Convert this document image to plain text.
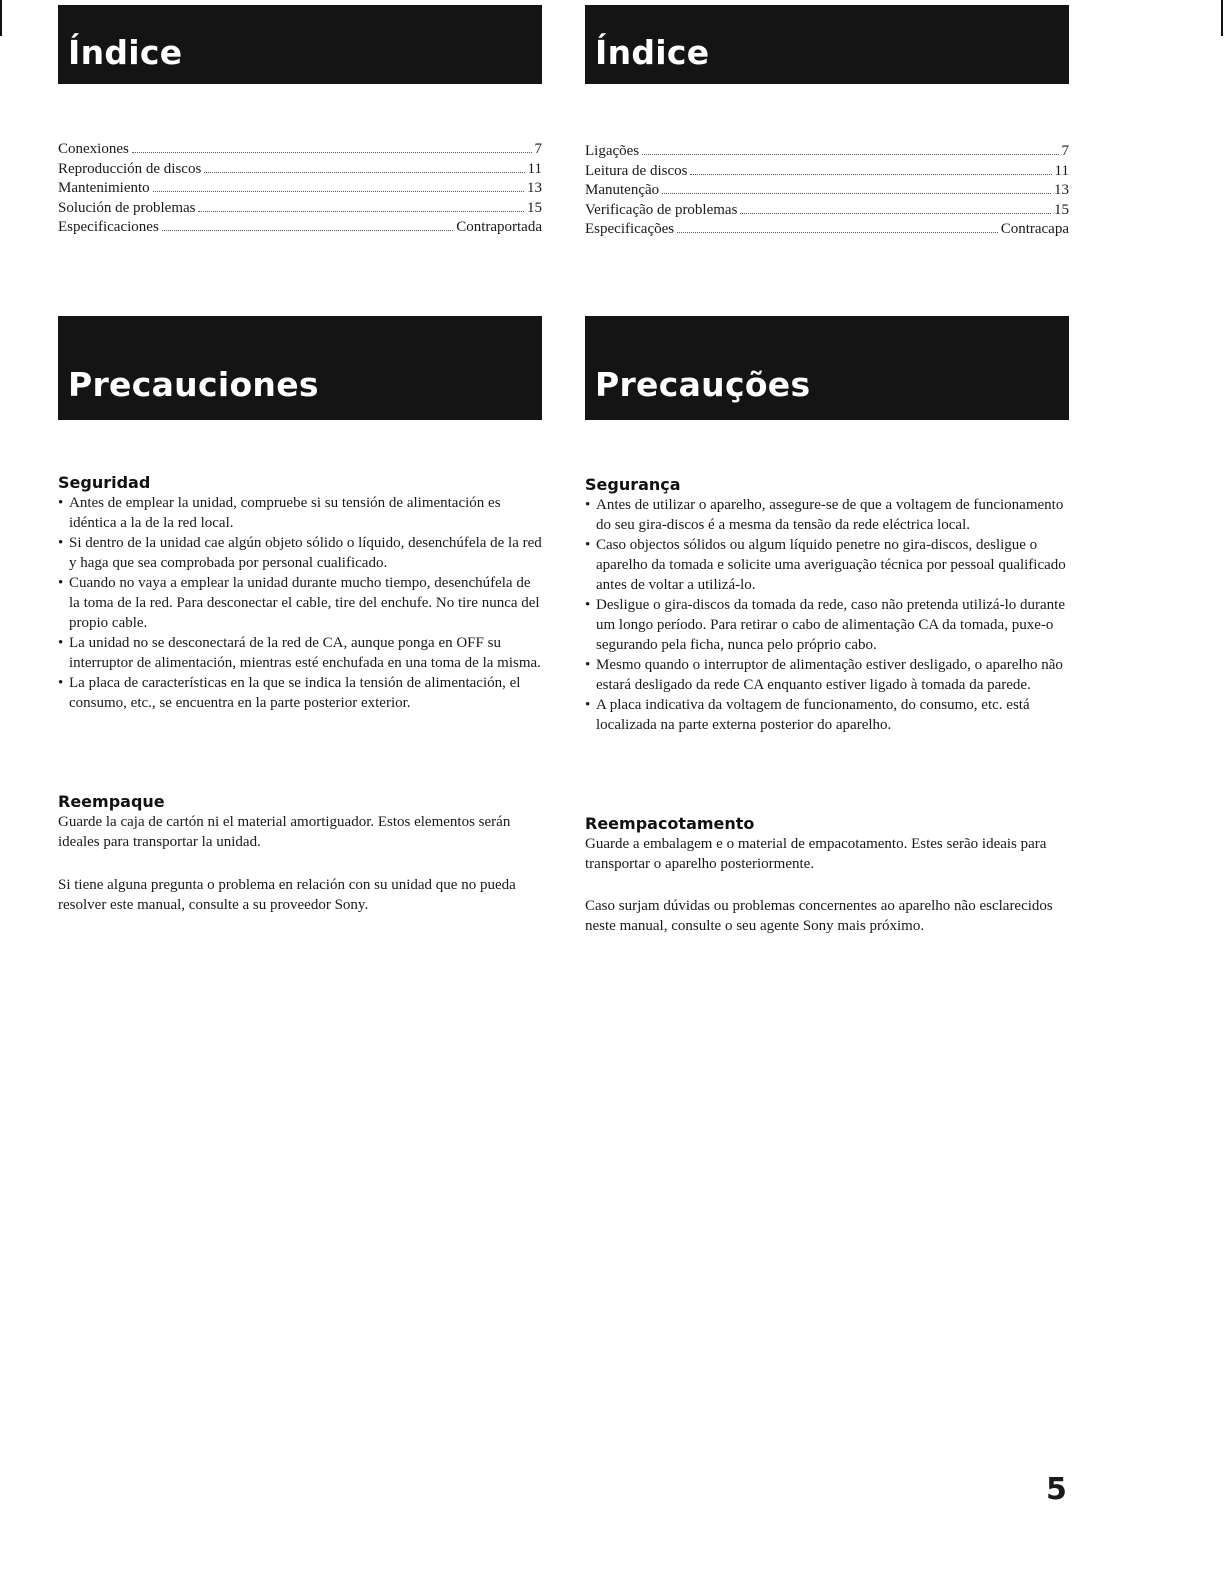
Índice
Conexiones	7
Reproducción de discos	11
Mantenimiento	13
Solución de problemas	15
Especificaciones	Contraportada
Precauciones
Seguridad
• Antes de emplear la unidad, compruebe si su tensión de alimentación es idéntica a la de la red local.
• Si dentro de la unidad cae algún objeto sólido o líquido, desenchúfela de la red y haga que sea comprobada por personal cualificado.
• Cuando no vaya a emplear la unidad durante mucho tiempo, desenchúfela de la toma de la red. Para desconectar el cable, tire del enchufe. No tire nunca del propio cable.
• La unidad no se desconectará de la red de CA, aunque ponga en OFF su interruptor de alimentación, mientras esté enchufada en una toma de la misma.
• La placa de características en la que se indica la tensión de alimentación, el consumo, etc., se encuentra en la parte posterior exterior.
Reempaque

Guarde la caja de cartón ni el material amortiguador. Estos elementos serán ideales para transportar la unidad.

Si tiene alguna pregunta o problema en relación con su unidad que no pueda resolver este manual, consulte a su proveedor Sony.

Índice
Ligações	7
Leitura de discos	11
Manutenção	13
Verificação de problemas	15
Especificações	Contracapa
Precauções
Segurança
• Antes de utilizar o aparelho, assegure-se de que a voltagem de funcionamento do seu gira-discos é a mesma da tensão da rede eléctrica local.
• Caso objectos sólidos ou algum líquido penetre no gira-discos, desligue o aparelho da tomada e solicite uma averiguação técnica por pessoal qualificado antes de voltar a utilizá-lo.
• Desligue o gira-discos da tomada da rede, caso não pretenda utilizá-lo durante um longo período. Para retirar o cabo de alimentação CA da tomada, puxe-o segurando pela ficha, nunca pelo próprio cabo.
• Mesmo quando o interruptor de alimentação estiver desligado, o aparelho não estará desligado da rede CA enquanto estiver ligado à tomada da parede.
• A placa indicativa da voltagem de funcionamento, do consumo, etc. está localizada na parte externa posterior do aparelho.
Reempacotamento

Guarde a embalagem e o material de empacotamento. Estes serão ideais para transportar o aparelho posteriormente.

Caso surjam dúvidas ou problemas concernentes ao aparelho não esclarecidos neste manual, consulte o seu agente Sony mais próximo.

5
